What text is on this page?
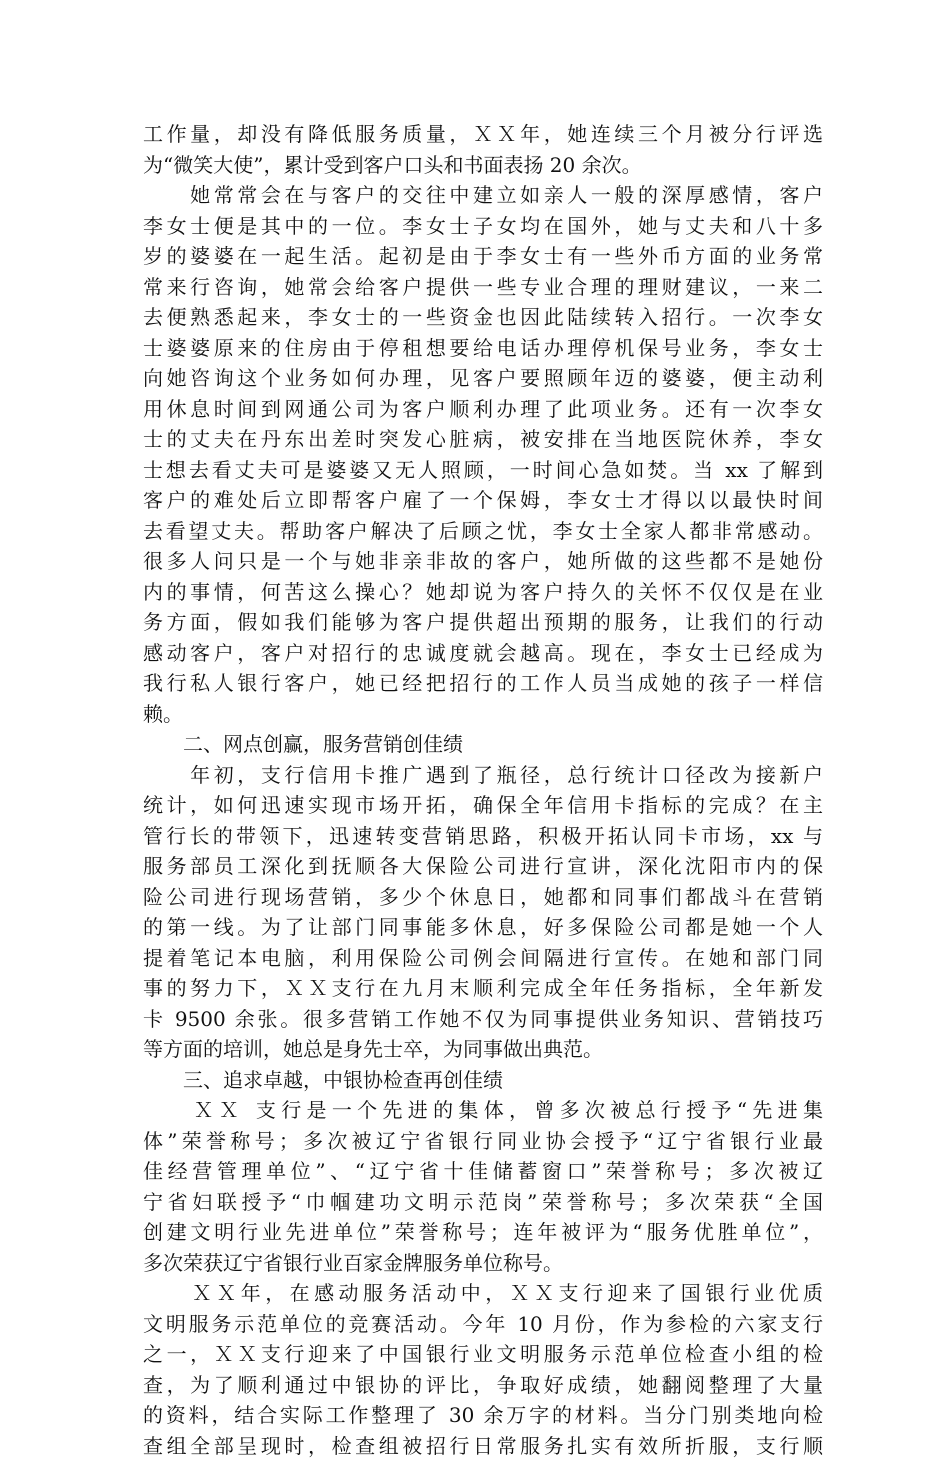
工作量，却没有降低服务质量，ＸＸ年，她连续三个月被分行评选
为“微笑大使”，累计受到客户口头和书面表扬 20 余次。
　　她常常会在与客户的交往中建立如亲人一般的深厚感情，客户
李女士便是其中的一位。李女士子女均在国外，她与丈夫和八十多
岁的婆婆在一起生活。起初是由于李女士有一些外币方面的业务常
常来行咨询，她常会给客户提供一些专业合理的理财建议，一来二
去便熟悉起来，李女士的一些资金也因此陆续转入招行。一次李女
士婆婆原来的住房由于停租想要给电话办理停机保号业务，李女士
向她咨询这个业务如何办理，见客户要照顾年迈的婆婆，便主动利
用休息时间到网通公司为客户顺利办理了此项业务。还有一次李女
士的丈夫在丹东出差时突发心脏病，被安排在当地医院休养，李女
士想去看丈夫可是婆婆又无人照顾，一时间心急如焚。当 xx 了解到
客户的难处后立即帮客户雇了一个保姆，李女士才得以以最快时间
去看望丈夫。帮助客户解决了后顾之忧，李女士全家人都非常感动。
很多人问只是一个与她非亲非故的客户，她所做的这些都不是她份
内的事情，何苦这么操心？她却说为客户持久的关怀不仅仅是在业
务方面，假如我们能够为客户提供超出预期的服务，让我们的行动
感动客户，客户对招行的忠诚度就会越高。现在，李女士已经成为
我行私人银行客户，她已经把招行的工作人员当成她的孩子一样信
赖。
　　二、网点创赢，服务营销创佳绩
　　年初，支行信用卡推广遇到了瓶径，总行统计口径改为接新户
统计，如何迅速实现市场开拓，确保全年信用卡指标的完成？在主
管行长的带领下，迅速转变营销思路，积极开拓认同卡市场，xx 与
服务部员工深化到抚顺各大保险公司进行宣讲，深化沈阳市内的保
险公司进行现场营销，多少个休息日，她都和同事们都战斗在营销
的第一线。为了让部门同事能多休息，好多保险公司都是她一个人
提着笔记本电脑，利用保险公司例会间隔进行宣传。在她和部门同
事的努力下，ＸＸ支行在九月末顺利完成全年任务指标，全年新发
卡 9500 余张。很多营销工作她不仅为同事提供业务知识、营销技巧
等方面的培训，她总是身先士卒，为同事做出典范。
　　三、追求卓越，中银协检查再创佳绩
　　ＸＸ 支行是一个先进的集体，曾多次被总行授予“先进集
体”荣誉称号；多次被辽宁省银行同业协会授予“辽宁省银行业最
佳经营管理单位”、“辽宁省十佳储蓄窗口”荣誉称号；多次被辽
宁省妇联授予“巾帼建功文明示范岗”荣誉称号；多次荣获“全国
创建文明行业先进单位”荣誉称号；连年被评为“服务优胜单位”，
多次荣获辽宁省银行业百家金牌服务单位称号。
　　ＸＸ年，在感动服务活动中，ＸＸ支行迎来了国银行业优质
文明服务示范单位的竞赛活动。今年 10 月份，作为参检的六家支行
之一，ＸＸ支行迎来了中国银行业文明服务示范单位检查小组的检
查，为了顺利通过中银协的评比，争取好成绩，她翻阅整理了大量
的资料，结合实际工作整理了 30 余万字的材料。当分门别类地向检
查组全部呈现时，检查组被招行日常服务扎实有效所折服，支行顺
